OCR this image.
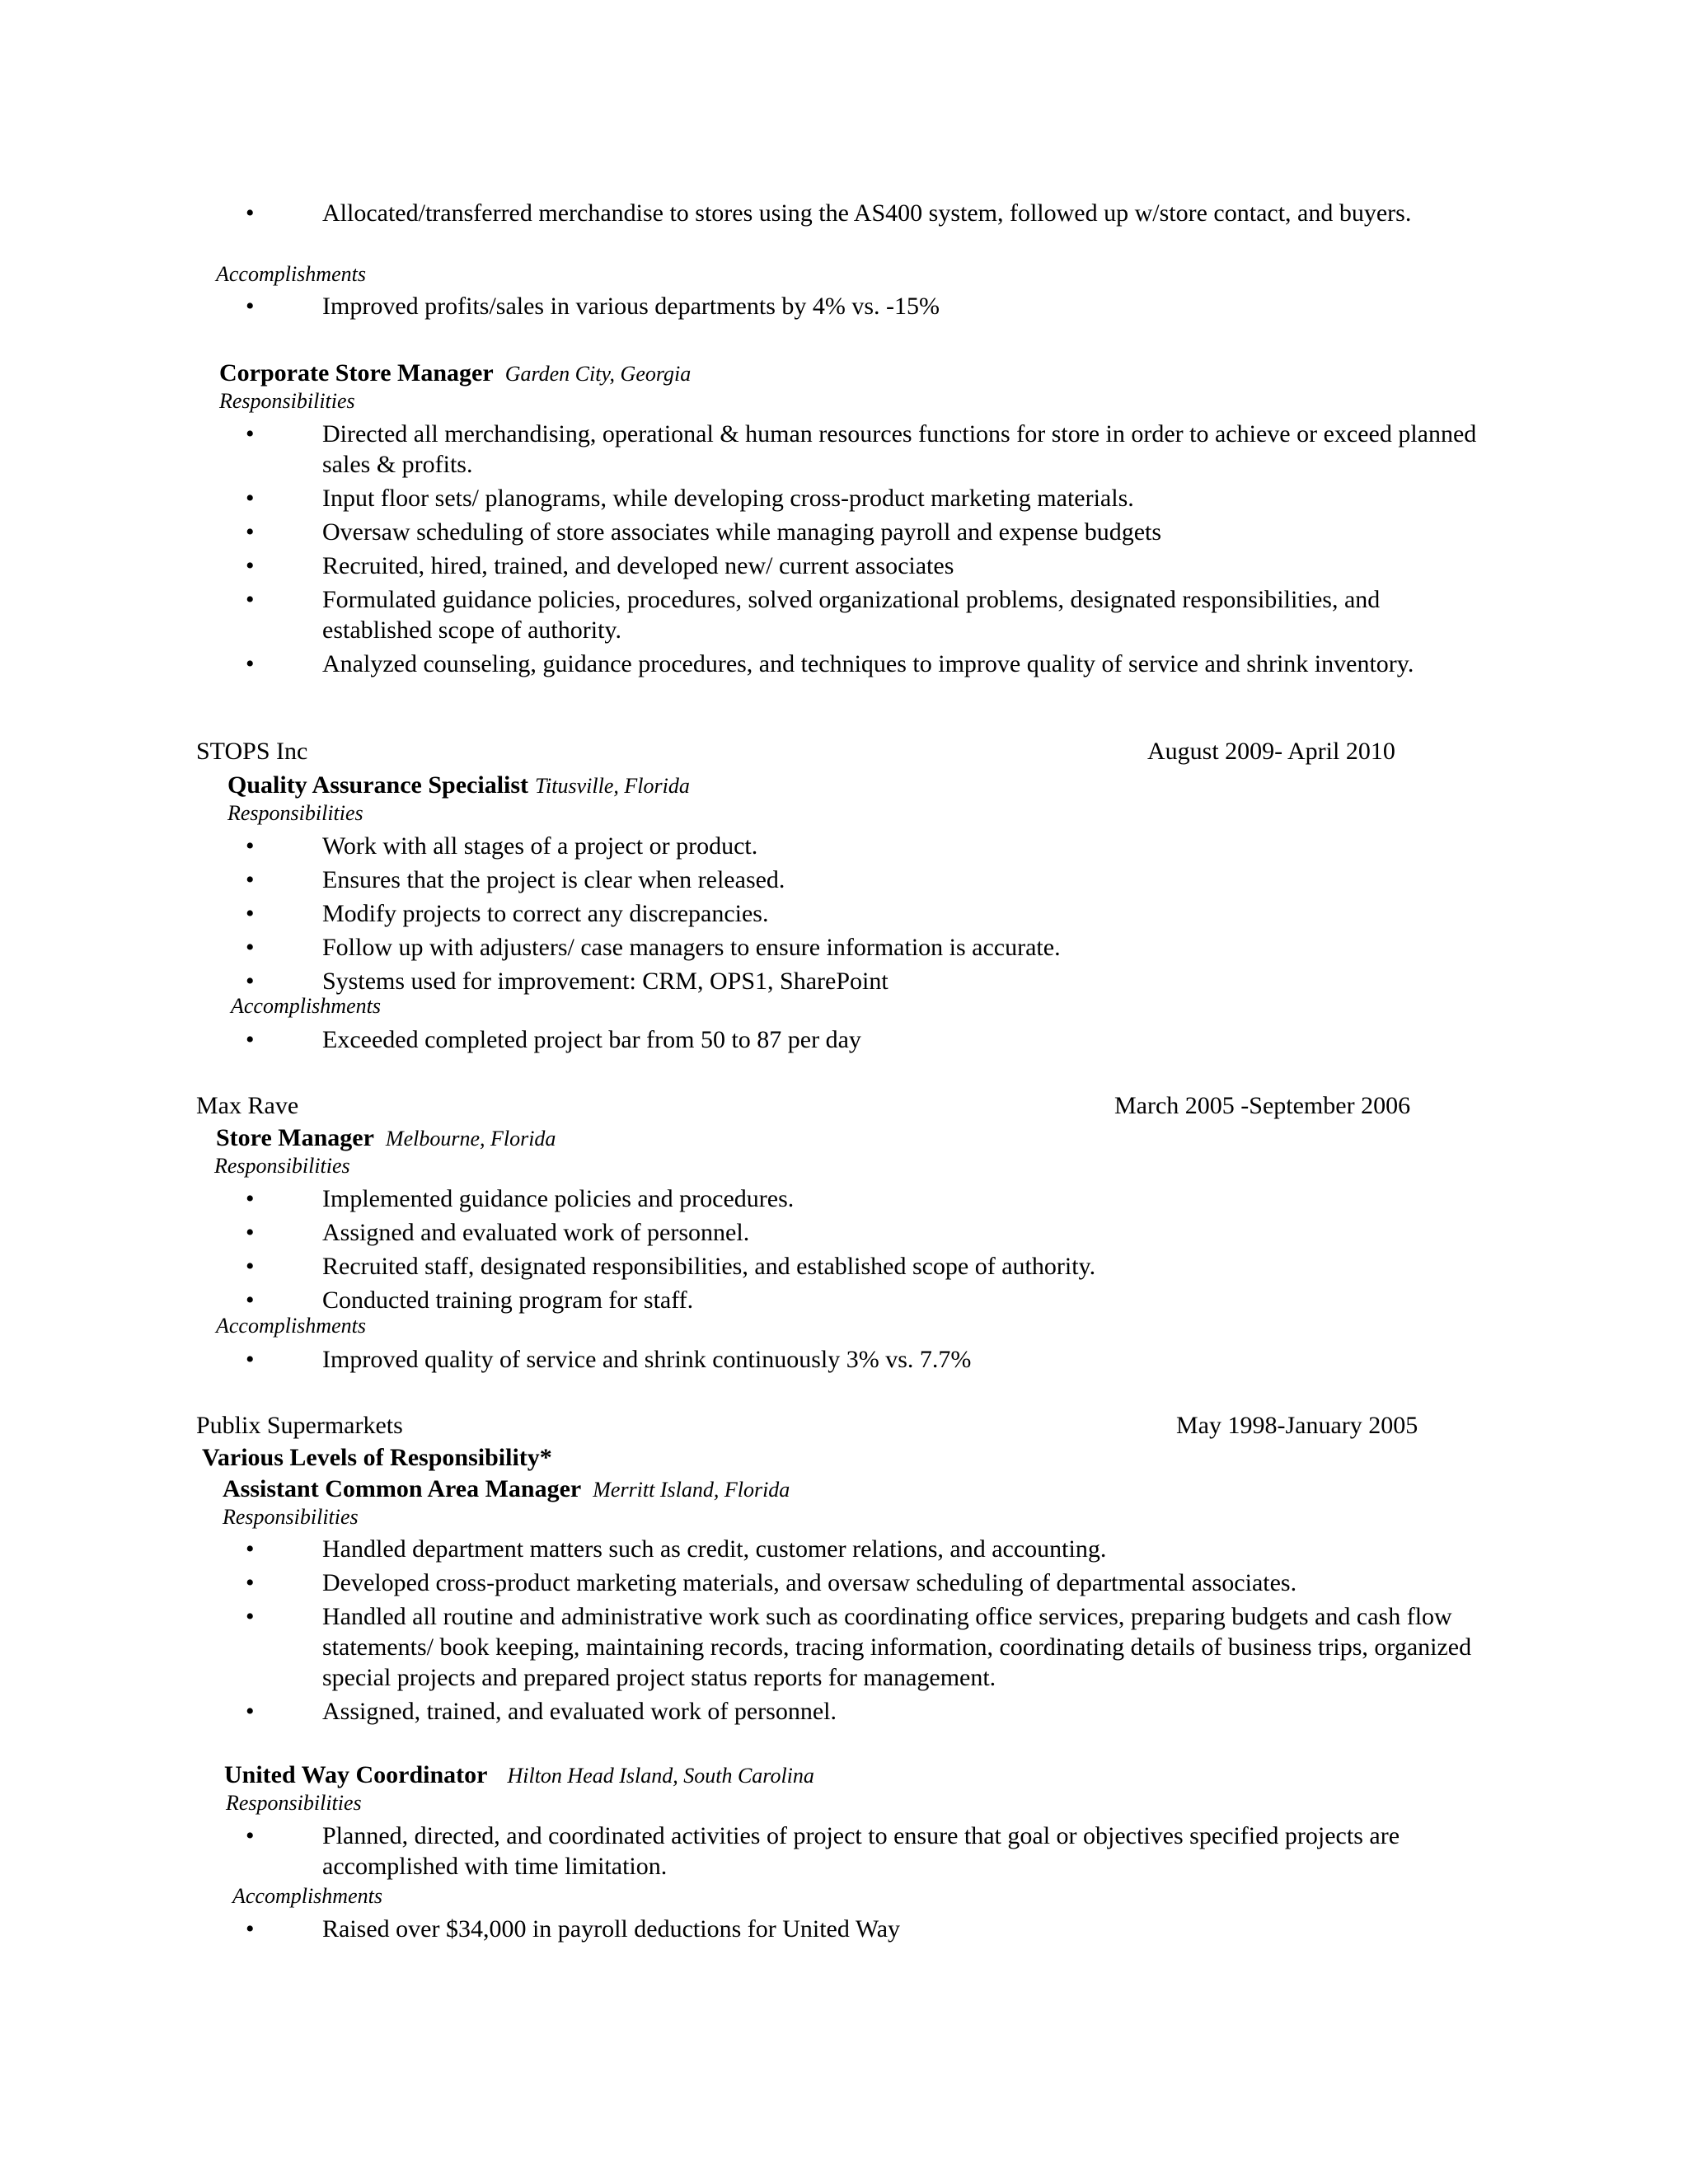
• Allocated/transferred merchandise to stores using the AS400 system, followed up w/store contact, and buyers.
Accomplishments
• Improved profits/sales in various departments by 4% vs. -15%
Corporate Store Manager Garden City, Georgia
Responsibilities
• Directed all merchandising, operational & human resources functions for store in order to achieve or exceed planned sales & profits.
• Input floor sets/ planograms, while developing cross-product marketing materials.
• Oversaw scheduling of store associates while managing payroll and expense budgets
• Recruited, hired, trained, and developed new/ current associates
• Formulated guidance policies, procedures, solved organizational problems, designated responsibilities, and established scope of authority.
• Analyzed counseling, guidance procedures, and techniques to improve quality of service and shrink inventory.
STOPS Inc	August 2009- April 2010
Quality Assurance Specialist Titusville, Florida
Responsibilities
• Work with all stages of a project or product.
• Ensures that the project is clear when released.
• Modify projects to correct any discrepancies.
• Follow up with adjusters/ case managers to ensure information is accurate.
• Systems used for improvement: CRM, OPS1, SharePoint
Accomplishments
• Exceeded completed project bar from 50 to 87 per day
Max Rave	March 2005 -September 2006
Store Manager Melbourne, Florida
Responsibilities
• Implemented guidance policies and procedures.
• Assigned and evaluated work of personnel.
• Recruited staff, designated responsibilities, and established scope of authority.
• Conducted training program for staff.
Accomplishments
• Improved quality of service and shrink continuously 3% vs. 7.7%
Publix Supermarkets	May 1998-January 2005
Various Levels of Responsibility*
Assistant Common Area Manager Merritt Island, Florida
Responsibilities
• Handled department matters such as credit, customer relations, and accounting.
• Developed cross-product marketing materials, and oversaw scheduling of departmental associates.
• Handled all routine and administrative work such as coordinating office services, preparing budgets and cash flow statements/ book keeping, maintaining records, tracing information, coordinating details of business trips, organized special projects and prepared project status reports for management.
• Assigned, trained, and evaluated work of personnel.
United Way Coordinator Hilton Head Island, South Carolina
Responsibilities
• Planned, directed, and coordinated activities of project to ensure that goal or objectives specified projects are accomplished with time limitation.
Accomplishments
• Raised over $34,000 in payroll deductions for United Way
